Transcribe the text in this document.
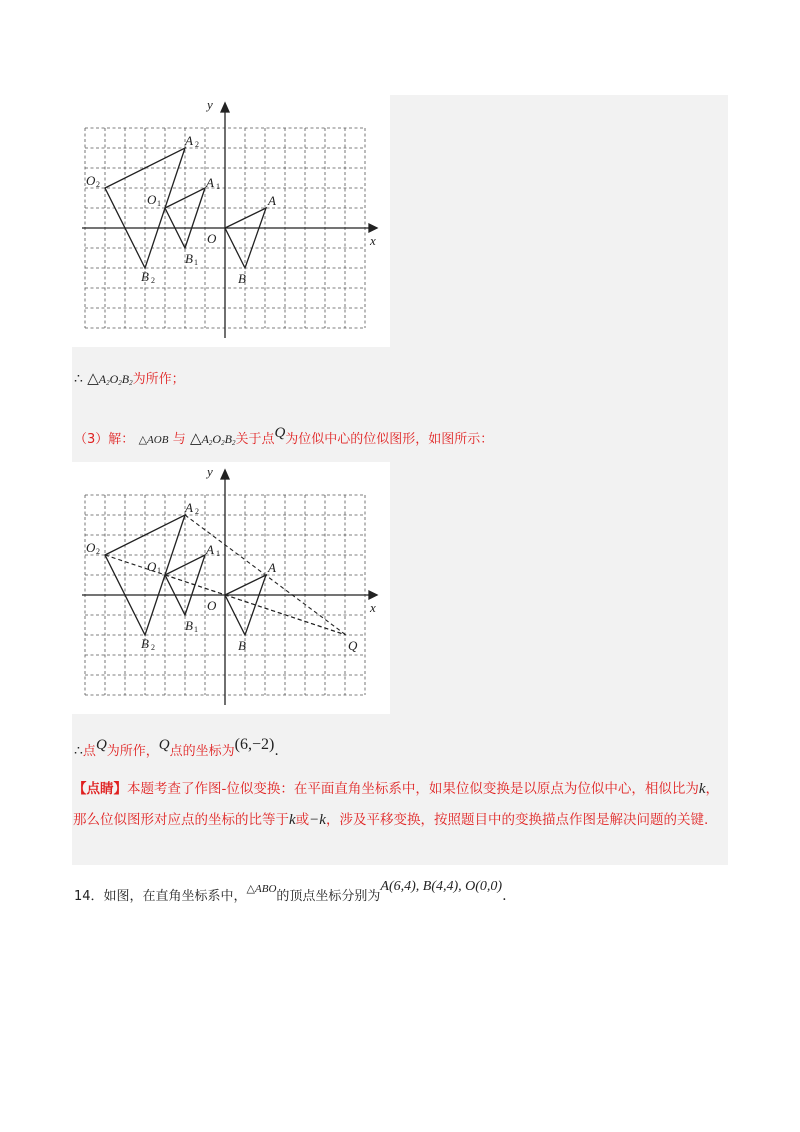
y
x
O
A
B
A 1
B 1
O 1
A 2
B 2
O 2
∴ $\triangle A_2O_2B_2$为所作；
（3）解： △AOB 与 $\triangle A_2O_2B_2$关于点Q为位似中心的位似图形，如图所示：
y
x
O
A
B
A 1
B 1
O 1
A 2
B 2
O 2
Q
∴点Q为所作，Q点的坐标为(6,−2).
【点睛】本题考查了作图-位似变换：在平面直角坐标系中，如果位似变换是以原点为位似中心，相似比为k，那么位似图形对应点的坐标的比等于k或−k，涉及平移变换，按照题目中的变换描点作图是解决问题的关键.
14．如图，在直角坐标系中，$^{\triangle ABO}$的顶点坐标分别为A(6,4), B(4,4), O(0,0).
